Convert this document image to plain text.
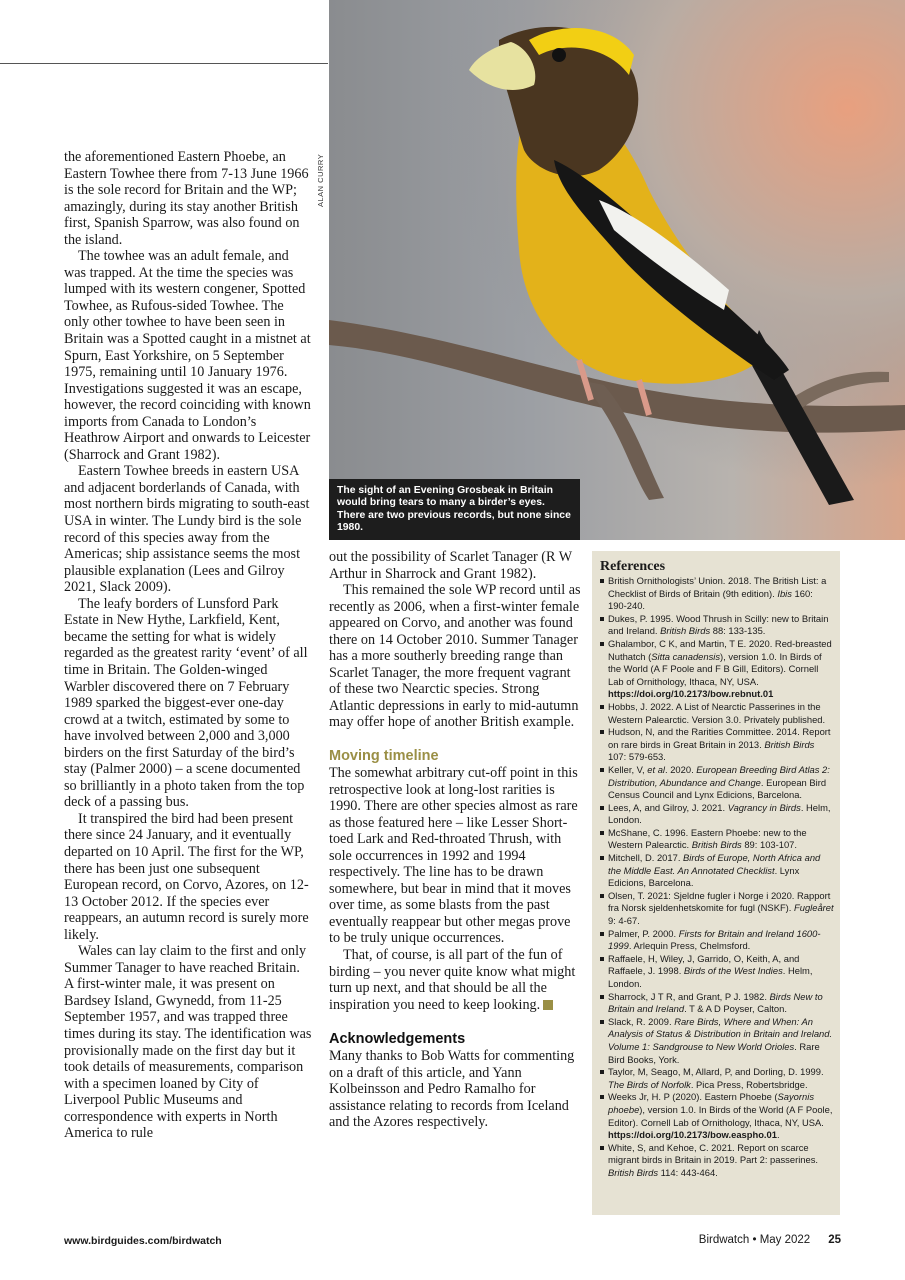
ALAN CURRY
The sight of an Evening Grosbeak in Britain would bring tears to many a birder’s eyes. There are two previous records, but none since 1980.

the aforementioned Eastern Phoebe, an Eastern Towhee there from 7-13 June 1966 is the sole record for Britain and the WP; amazingly, during its stay another British first, Spanish Sparrow, was also found on the island.

The towhee was an adult female, and was trapped. At the time the species was lumped with its western congener, Spotted Towhee, as Rufous-sided Towhee. The only other towhee to have been seen in Britain was a Spotted caught in a mistnet at Spurn, East Yorkshire, on 5 September 1975, remaining until 10 January 1976. Investigations suggested it was an escape, however, the record coinciding with known imports from Canada to London’s Heathrow Airport and onwards to Leicester (Sharrock and Grant 1982).

Eastern Towhee breeds in eastern USA and adjacent borderlands of Canada, with most northern birds migrating to south-east USA in winter. The Lundy bird is the sole record of this species away from the Americas; ship assistance seems the most plausible explanation (Lees and Gilroy 2021, Slack 2009).

The leafy borders of Lunsford Park Estate in New Hythe, Larkfield, Kent, became the setting for what is widely regarded as the greatest rarity ‘event’ of all time in Britain. The Golden-winged Warbler discovered there on 7 February 1989 sparked the biggest-ever one-day crowd at a twitch, estimated by some to have involved between 2,000 and 3,000 birders on the first Saturday of the bird’s stay (Palmer 2000) – a scene documented so brilliantly in a photo taken from the top deck of a passing bus.

It transpired the bird had been present there since 24 January, and it eventually departed on 10 April. The first for the WP, there has been just one subsequent European record, on Corvo, Azores, on 12-13 October 2012. If the species ever reappears, an autumn record is surely more likely.

Wales can lay claim to the first and only Summer Tanager to have reached Britain. A first-winter male, it was present on Bardsey Island, Gwynedd, from 11-25 September 1957, and was trapped three times during its stay. The identification was provisionally made on the first day but it took details of measurements, comparison with a specimen loaned by City of Liverpool Public Museums and correspondence with experts in North America to rule

out the possibility of Scarlet Tanager (R W Arthur in Sharrock and Grant 1982).

This remained the sole WP record until as recently as 2006, when a first-winter female appeared on Corvo, and another was found there on 14 October 2010. Summer Tanager has a more southerly breeding range than Scarlet Tanager, the more frequent vagrant of these two Nearctic species. Strong Atlantic depressions in early to mid-autumn may offer hope of another British example.

Moving timeline

The somewhat arbitrary cut-off point in this retrospective look at long-lost rarities is 1990. There are other species almost as rare as those featured here – like Lesser Short-toed Lark and Red-throated Thrush, with sole occurrences in 1992 and 1994 respectively. The line has to be drawn somewhere, but bear in mind that it moves over time, as some blasts from the past eventually reappear but other megas prove to be truly unique occurrences.

That, of course, is all part of the fun of birding – you never quite know what might turn up next, and that should be all the inspiration you need to keep looking.

Acknowledgements

Many thanks to Bob Watts for commenting on a draft of this article, and Yann Kolbeinsson and Pedro Ramalho for assistance relating to records from Iceland and the Azores respectively.

References
British Ornithologists’ Union. 2018. The British List: a Checklist of Birds of Britain (9th edition). Ibis 160: 190-240.
Dukes, P. 1995. Wood Thrush in Scilly: new to Britain and Ireland. British Birds 88: 133-135.
Ghalambor, C K, and Martin, T E. 2020. Red-breasted Nuthatch (Sitta canadensis), version 1.0. In Birds of the World (A F Poole and F B Gill, Editors). Cornell Lab of Ornithology, Ithaca, NY, USA. https://doi.org/10.2173/bow.rebnut.01
Hobbs, J. 2022. A List of Nearctic Passerines in the Western Palearctic. Version 3.0. Privately published.
Hudson, N, and the Rarities Committee. 2014. Report on rare birds in Great Britain in 2013. British Birds 107: 579-653.
Keller, V, et al. 2020. European Breeding Bird Atlas 2: Distribution, Abundance and Change. European Bird Census Council and Lynx Edicions, Barcelona.
Lees, A, and Gilroy, J. 2021. Vagrancy in Birds. Helm, London.
McShane, C. 1996. Eastern Phoebe: new to the Western Palearctic. British Birds 89: 103-107.
Mitchell, D. 2017. Birds of Europe, North Africa and the Middle East. An Annotated Checklist. Lynx Edicions, Barcelona.
Olsen, T. 2021: Sjeldne fugler i Norge i 2020. Rapport fra Norsk sjeldenhetskomite for fugl (NSKF). Fugleåret 9: 4-67.
Palmer, P. 2000. Firsts for Britain and Ireland 1600-1999. Arlequin Press, Chelmsford.
Raffaele, H, Wiley, J, Garrido, O, Keith, A, and Raffaele, J. 1998. Birds of the West Indies. Helm, London.
Sharrock, J T R, and Grant, P J. 1982. Birds New to Britain and Ireland. T & A D Poyser, Calton.
Slack, R. 2009. Rare Birds, Where and When: An Analysis of Status & Distribution in Britain and Ireland. Volume 1: Sandgrouse to New World Orioles. Rare Bird Books, York.
Taylor, M, Seago, M, Allard, P, and Dorling, D. 1999. The Birds of Norfolk. Pica Press, Robertsbridge.
Weeks Jr, H. P (2020). Eastern Phoebe (Sayornis phoebe), version 1.0. In Birds of the World (A F Poole, Editor). Cornell Lab of Ornithology, Ithaca, NY, USA. https://doi.org/10.2173/bow.easpho.01.
White, S, and Kehoe, C. 2021. Report on scarce migrant birds in Britain in 2019. Part 2: passerines. British Birds 114: 443-464.
www.birdguides.com/birdwatch	Birdwatch • May 2022 25
